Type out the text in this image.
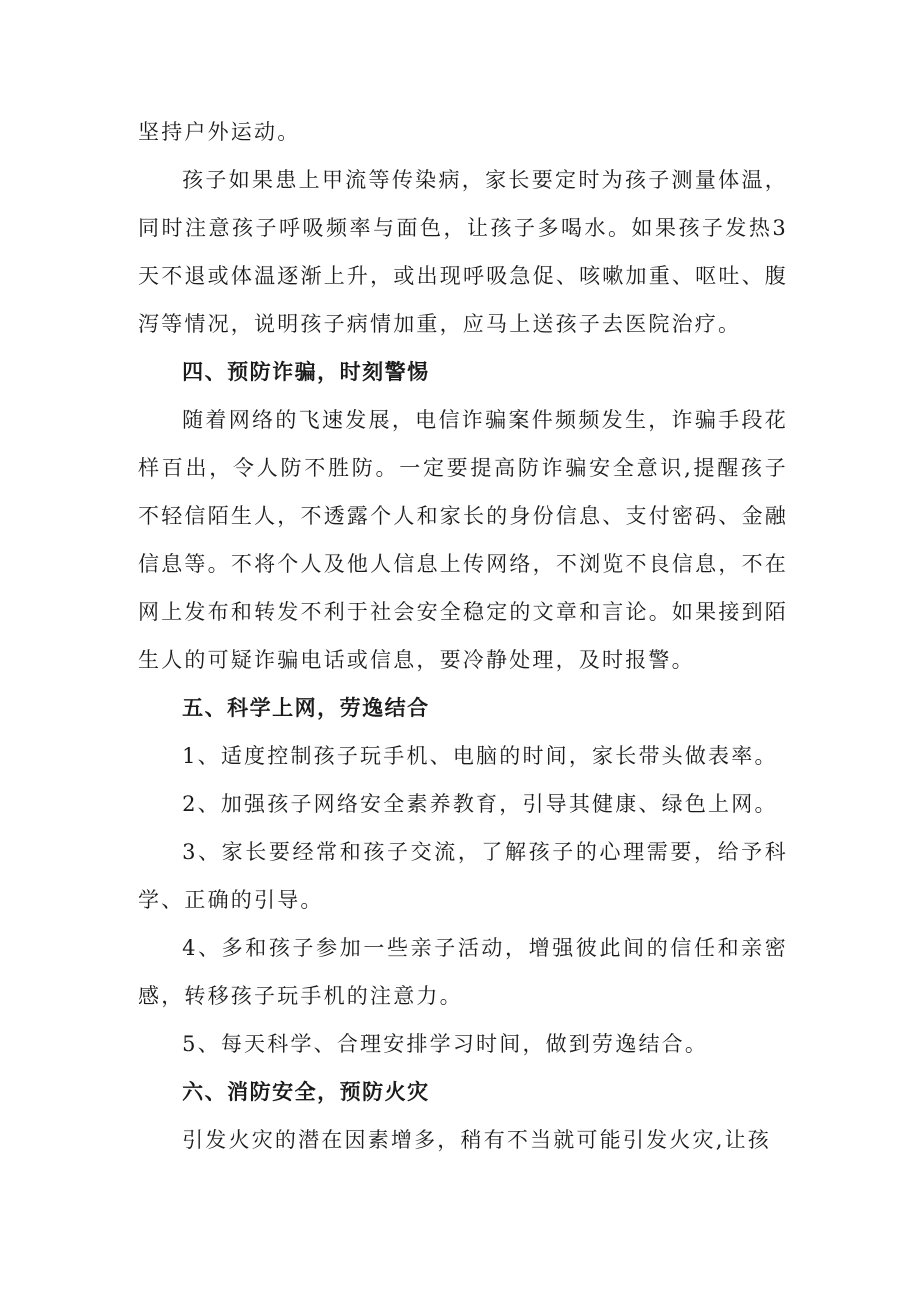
坚持户外运动。

孩子如果患上甲流等传染病，家长要定时为孩子测量体温，同时注意孩子呼吸频率与面色，让孩子多喝水。如果孩子发热3天不退或体温逐渐上升，或出现呼吸急促、咳嗽加重、呕吐、腹泻等情况，说明孩子病情加重，应马上送孩子去医院治疗。

四、预防诈骗，时刻警惕

随着网络的飞速发展，电信诈骗案件频频发生，诈骗手段花样百出，令人防不胜防。一定要提高防诈骗安全意识,提醒孩子不轻信陌生人，不透露个人和家长的身份信息、支付密码、金融信息等。不将个人及他人信息上传网络，不浏览不良信息，不在网上发布和转发不利于社会安全稳定的文章和言论。如果接到陌生人的可疑诈骗电话或信息，要冷静处理，及时报警。

五、科学上网，劳逸结合

1、适度控制孩子玩手机、电脑的时间，家长带头做表率。

2、加强孩子网络安全素养教育，引导其健康、绿色上网。

3、家长要经常和孩子交流，了解孩子的心理需要，给予科学、正确的引导。

4、多和孩子参加一些亲子活动，增强彼此间的信任和亲密感，转移孩子玩手机的注意力。

5、每天科学、合理安排学习时间，做到劳逸结合。

六、消防安全，预防火灾

引发火灾的潜在因素增多，稍有不当就可能引发火灾,让孩
